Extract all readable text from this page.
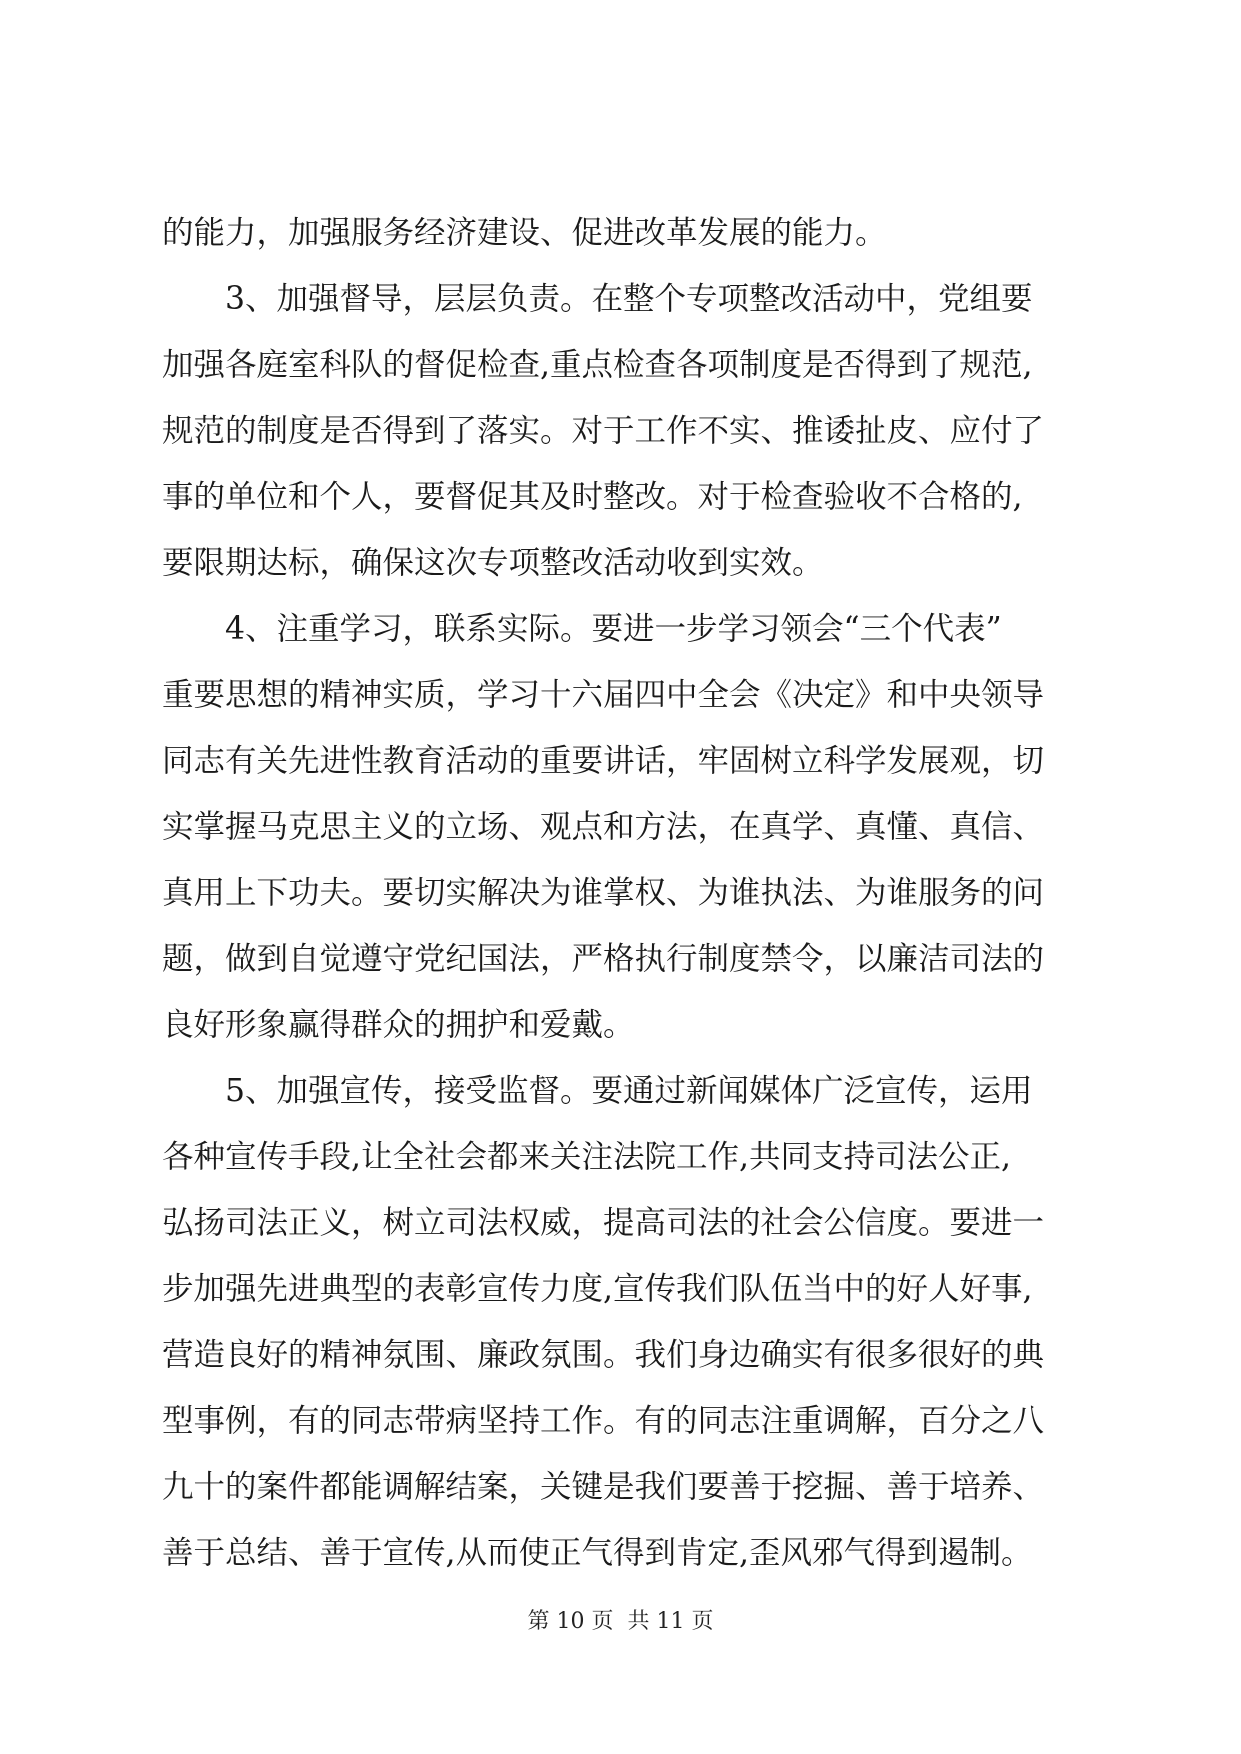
的能力，加强服务经济建设、促进改革发展的能力。
　　3、加强督导，层层负责。在整个专项整改活动中，党组要
加强各庭室科队的督促检查,重点检查各项制度是否得到了规范,
规范的制度是否得到了落实。对于工作不实、推诿扯皮、应付了
事的单位和个人，要督促其及时整改。对于检查验收不合格的,
要限期达标，确保这次专项整改活动收到实效。
　　4、注重学习，联系实际。要进一步学习领会“三个代表”
重要思想的精神实质，学习十六届四中全会《决定》和中央领导
同志有关先进性教育活动的重要讲话，牢固树立科学发展观，切
实掌握马克思主义的立场、观点和方法，在真学、真懂、真信、
真用上下功夫。要切实解决为谁掌权、为谁执法、为谁服务的问
题，做到自觉遵守党纪国法，严格执行制度禁令，以廉洁司法的
良好形象赢得群众的拥护和爱戴。
　　5、加强宣传，接受监督。要通过新闻媒体广泛宣传，运用
各种宣传手段,让全社会都来关注法院工作,共同支持司法公正,
弘扬司法正义，树立司法权威，提高司法的社会公信度。要进一
步加强先进典型的表彰宣传力度,宣传我们队伍当中的好人好事,
营造良好的精神氛围、廉政氛围。我们身边确实有很多很好的典
型事例，有的同志带病坚持工作。有的同志注重调解，百分之八
九十的案件都能调解结案，关键是我们要善于挖掘、善于培养、
善于总结、善于宣传,从而使正气得到肯定,歪风邪气得到遏制。
第 10 页  共 11 页
